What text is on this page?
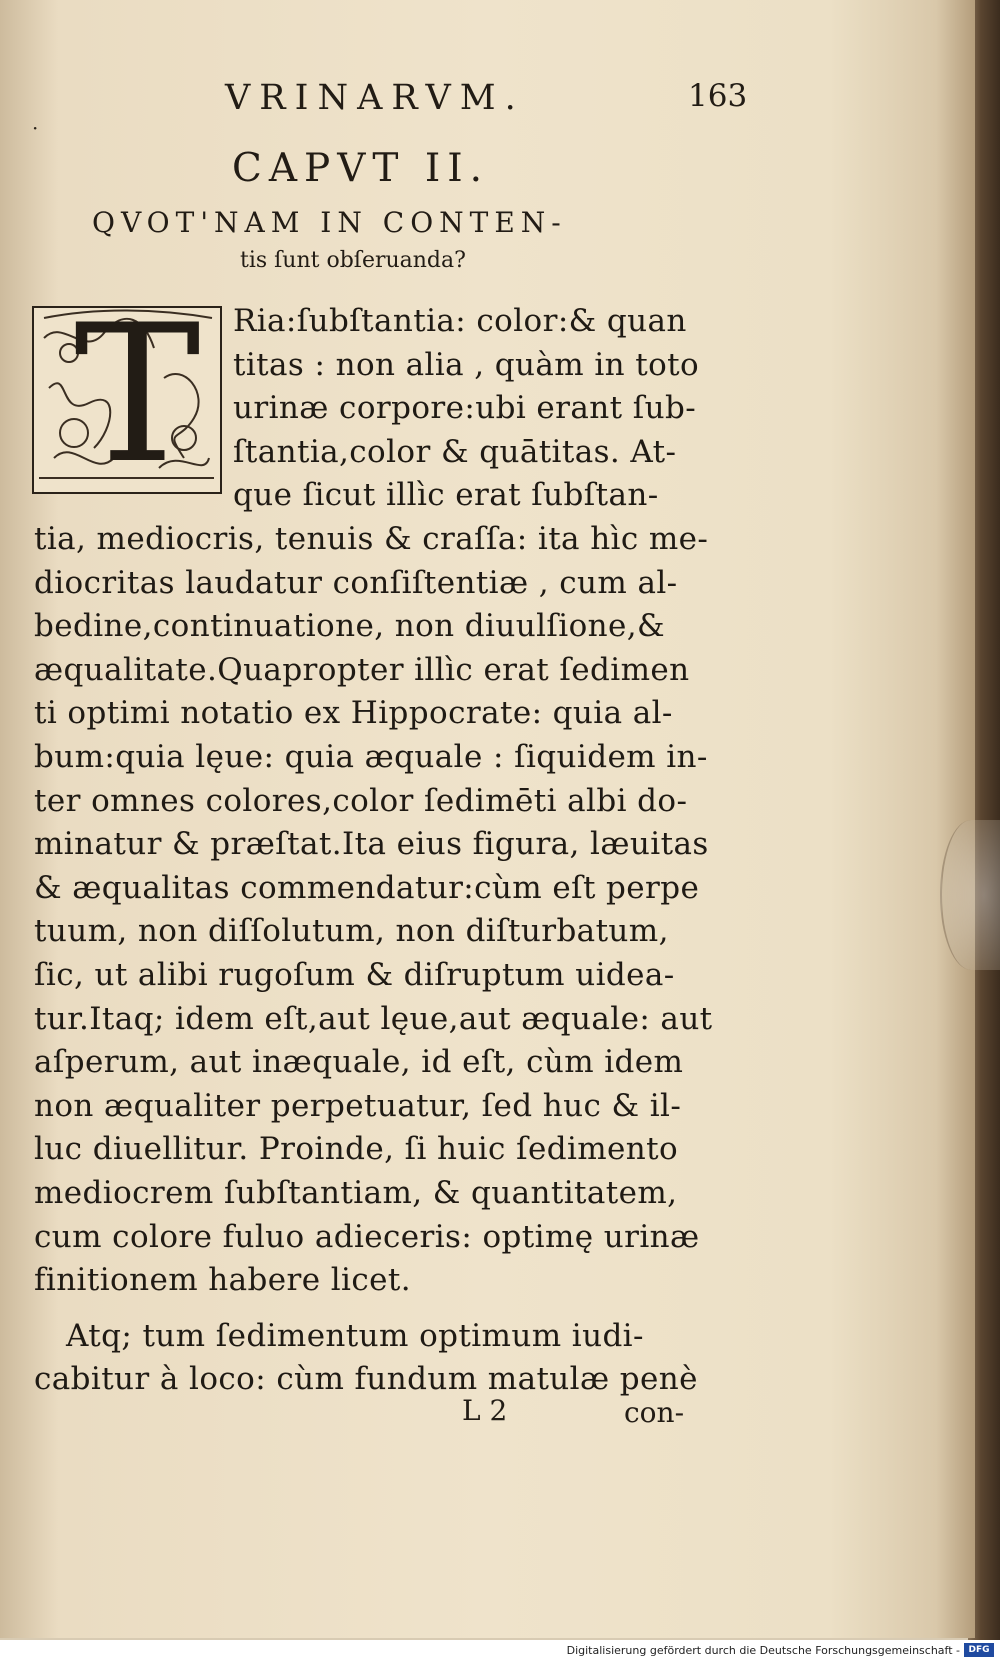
VRINARVM.	163
·
CAPVT II.
QVOT'NAM IN CONTEN-
tis ſunt obſeruanda?
T Ria:ſubſtantia: color:& quan
titas : non alia , quàm in toto
urinæ corpore:ubi erant ſub-
ſtantia,color & quātitas. At-
que ſicut illìc erat ſubſtan-
tia, mediocris, tenuis & craſſa: ita hìc me-
diocritas laudatur conſiſtentiæ , cum al-
bedine,continuatione, non diuulſione,&
æqualitate.Quapropter illìc erat ſedimen
ti optimi notatio ex Hippocrate: quia al-
bum:quia lęue: quia æquale : ſiquidem in-
ter omnes colores,color ſedimēti albi do-
minatur & præſtat.Ita eius figura, læuitas
& æqualitas commendatur:cùm eſt perpe
tuum, non diſſolutum, non diſturbatum,
ſic, ut alibi rugoſum & diſruptum uidea-
tur.Itaq; idem eſt,aut lęue,aut æquale: aut
aſperum, aut inæquale, id eſt, cùm idem
non æqualiter perpetuatur, ſed huc & il-
luc diuellitur. Proinde, ſi huic ſedimento
mediocrem ſubſtantiam, & quantitatem,
cum colore fuluo adieceris: optimę urinæ
finitionem habere licet.
Atq; tum ſedimentum optimum iudi-
cabitur à loco: cùm fundum matulæ penè
L 2	con-
Digitalisierung gefördert durch die Deutsche Forschungsgemeinschaft - DFG
